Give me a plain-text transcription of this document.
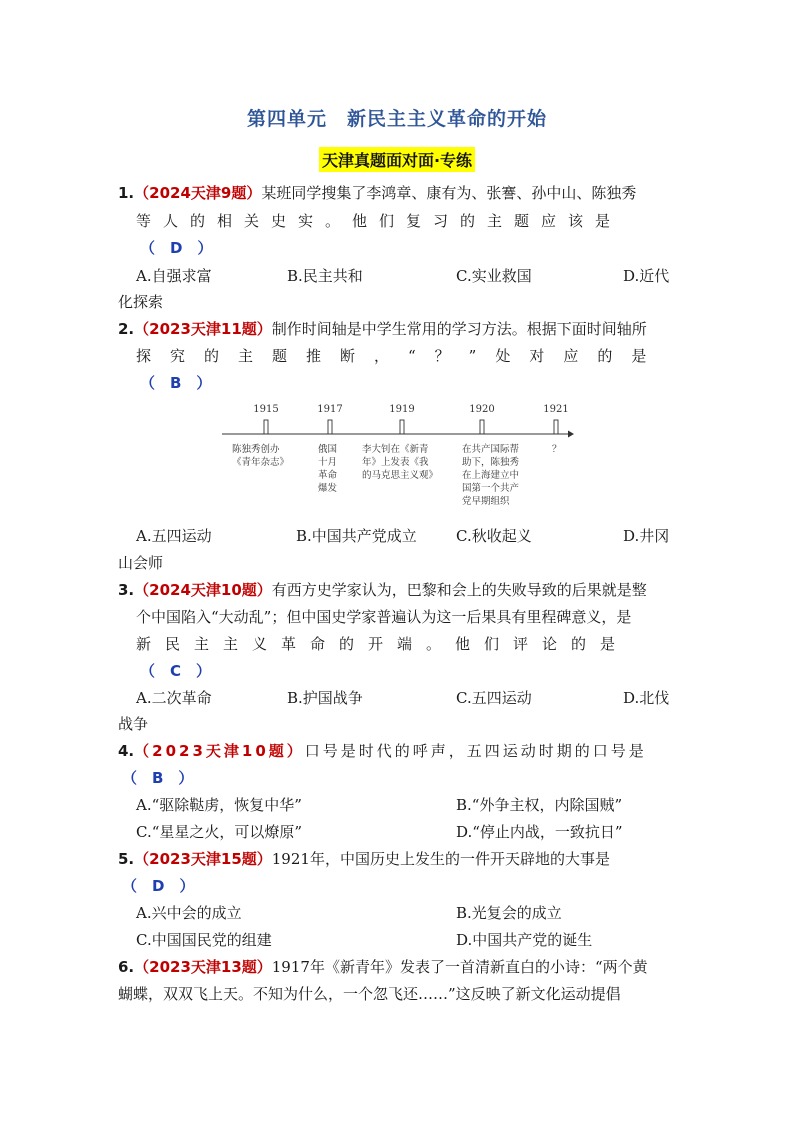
第四单元　新民主主义革命的开始
天津真题面对面·专练
1.（2024天津9题）某班同学搜集了李鸿章、康有为、张謇、孙中山、陈独秀
等人的相关史实。他们复习的主题应该是
（　D　）
A.自强求富	B.民主共和	C.实业救国	D.近代
化探索
2.（2023天津11题）制作时间轴是中学生常用的学习方法。根据下面时间轴所
探究的主题推断，“？”处对应的是
（　B　）
1915
陈独秀创办
《青年杂志》
1917
俄国
十月
革命
爆发
1919
李大钊在《新青
年》上发表《我
的马克思主义观》
1920
在共产国际帮
助下，陈独秀
在上海建立中
国第一个共产
党早期组织
1921
？
A.五四运动	B.中国共产党成立	C.秋收起义	D.井冈
山会师
3.（2024天津10题）有西方史学家认为，巴黎和会上的失败导致的后果就是整
个中国陷入“大动乱”；但中国史学家普遍认为这一后果具有里程碑意义，是
新民主主义革命的开端。他们评论的是
（　C　）
A.二次革命	B.护国战争	C.五四运动	D.北伐
战争
4.（2023天津10题）口号是时代的呼声，五四运动时期的口号是
（　B　）
A.“驱除鞑虏，恢复中华”	B.“外争主权，内除国贼”
C.“星星之火，可以燎原”	D.“停止内战，一致抗日”
5.（2023天津15题）1921年，中国历史上发生的一件开天辟地的大事是
（　D　）
A.兴中会的成立	B.光复会的成立
C.中国国民党的组建	D.中国共产党的诞生
6.（2023天津13题）1917年《新青年》发表了一首清新直白的小诗：“两个黄
蝴蝶，双双飞上天。不知为什么，一个忽飞还……”这反映了新文化运动提倡
